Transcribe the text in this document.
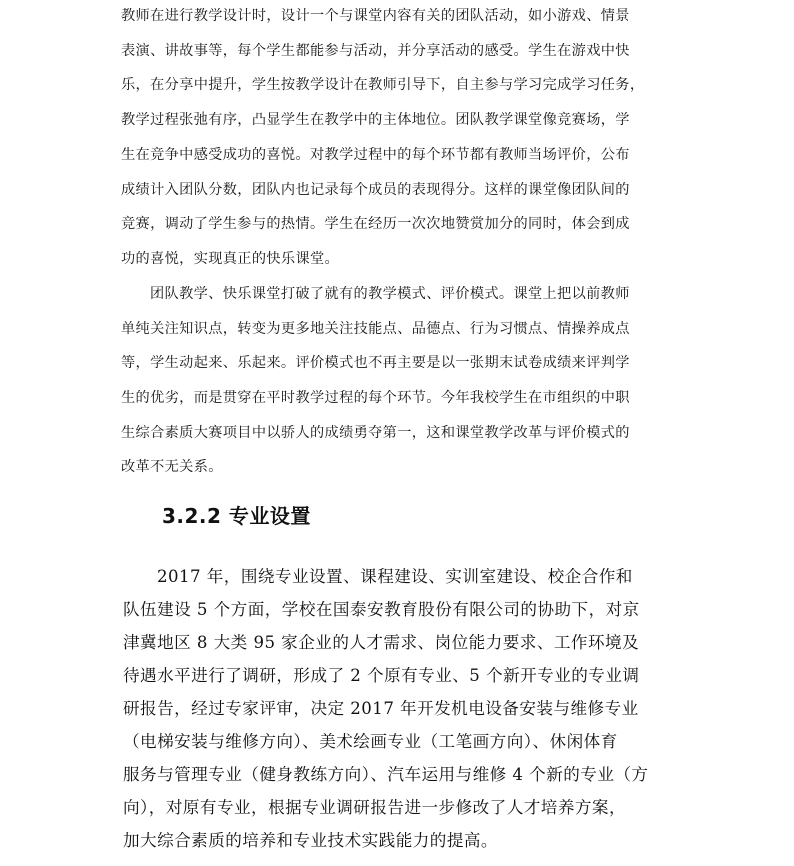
教师在进行教学设计时，设计一个与课堂内容有关的团队活动，如小游戏、情景
表演、讲故事等，每个学生都能参与活动，并分享活动的感受。学生在游戏中快
乐，在分享中提升，学生按教学设计在教师引导下，自主参与学习完成学习任务，
教学过程张弛有序，凸显学生在教学中的主体地位。团队教学课堂像竞赛场，学
生在竞争中感受成功的喜悦。对教学过程中的每个环节都有教师当场评价，公布
成绩计入团队分数，团队内也记录每个成员的表现得分。这样的课堂像团队间的
竞赛，调动了学生参与的热情。学生在经历一次次地赞赏加分的同时，体会到成
功的喜悦，实现真正的快乐课堂。
团队教学、快乐课堂打破了就有的教学模式、评价模式。课堂上把以前教师
单纯关注知识点，转变为更多地关注技能点、品德点、行为习惯点、情操养成点
等，学生动起来、乐起来。评价模式也不再主要是以一张期末试卷成绩来评判学
生的优劣，而是贯穿在平时教学过程的每个环节。今年我校学生在市组织的中职
生综合素质大赛项目中以骄人的成绩勇夺第一，这和课堂教学改革与评价模式的
改革不无关系。
3.2.2 专业设置
2017 年，围绕专业设置、课程建设、实训室建设、校企合作和
队伍建设 5 个方面，学校在国泰安教育股份有限公司的协助下，对京
津冀地区 8 大类 95 家企业的人才需求、岗位能力要求、工作环境及
待遇水平进行了调研，形成了 2 个原有专业、5 个新开专业的专业调
研报告，经过专家评审，决定 2017 年开发机电设备安装与维修专业
（电梯安装与维修方向）、美术绘画专业（工笔画方向）、休闲体育
服务与管理专业（健身教练方向）、汽车运用与维修 4 个新的专业（方
向），对原有专业，根据专业调研报告进一步修改了人才培养方案，
加大综合素质的培养和专业技术实践能力的提高。
